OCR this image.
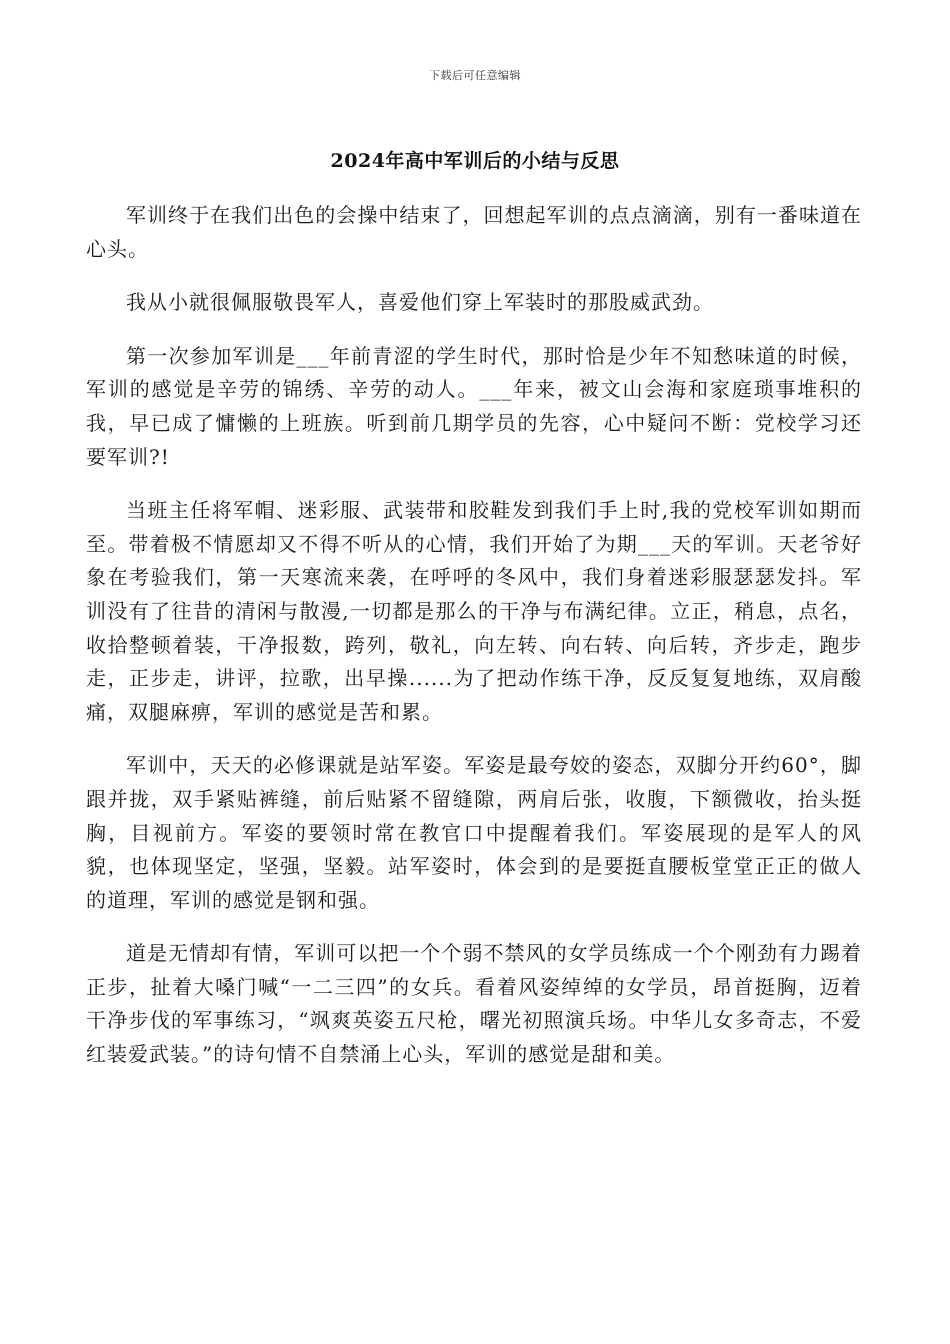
下载后可任意编辑
2024年高中军训后的小结与反思

军训终于在我们出色的会操中结束了，回想起军训的点点滴滴，别有一番味道在心头。

我从小就很佩服敬畏军人，喜爱他们穿上军装时的那股威武劲。

第一次参加军训是___年前青涩的学生时代，那时恰是少年不知愁味道的时候，军训的感觉是辛劳的锦绣、辛劳的动人。___年来，被文山会海和家庭琐事堆积的我，早已成了慵懒的上班族。听到前几期学员的先容，心中疑问不断：党校学习还要军训?!

当班主任将军帽、迷彩服、武装带和胶鞋发到我们手上时,我的党校军训如期而至。带着极不情愿却又不得不听从的心情，我们开始了为期___天的军训。天老爷好象在考验我们，第一天寒流来袭，在呼呼的冬风中，我们身着迷彩服瑟瑟发抖。军训没有了往昔的清闲与散漫,一切都是那么的干净与布满纪律。立正，稍息，点名，收拾整顿着装，干净报数，跨列，敬礼，向左转、向右转、向后转，齐步走，跑步走，正步走，讲评，拉歌，出早操......为了把动作练干净，反反复复地练，双肩酸痛，双腿麻痹，军训的感觉是苦和累。

军训中，天天的必修课就是站军姿。军姿是最夸姣的姿态，双脚分开约60°，脚跟并拢，双手紧贴裤缝，前后贴紧不留缝隙，两肩后张，收腹，下额微收，抬头挺胸，目视前方。军姿的要领时常在教官口中提醒着我们。军姿展现的是军人的风貌，也体现坚定，坚强，坚毅。站军姿时，体会到的是要挺直腰板堂堂正正的做人的道理，军训的感觉是钢和强。

道是无情却有情，军训可以把一个个弱不禁风的女学员练成一个个刚劲有力踢着正步，扯着大嗓门喊“一二三四”的女兵。看着风姿绰绰的女学员，昂首挺胸，迈着干净步伐的军事练习，“飒爽英姿五尺枪，曙光初照演兵场。中华儿女多奇志，不爱红装爱武装。”的诗句情不自禁涌上心头，军训的感觉是甜和美。
